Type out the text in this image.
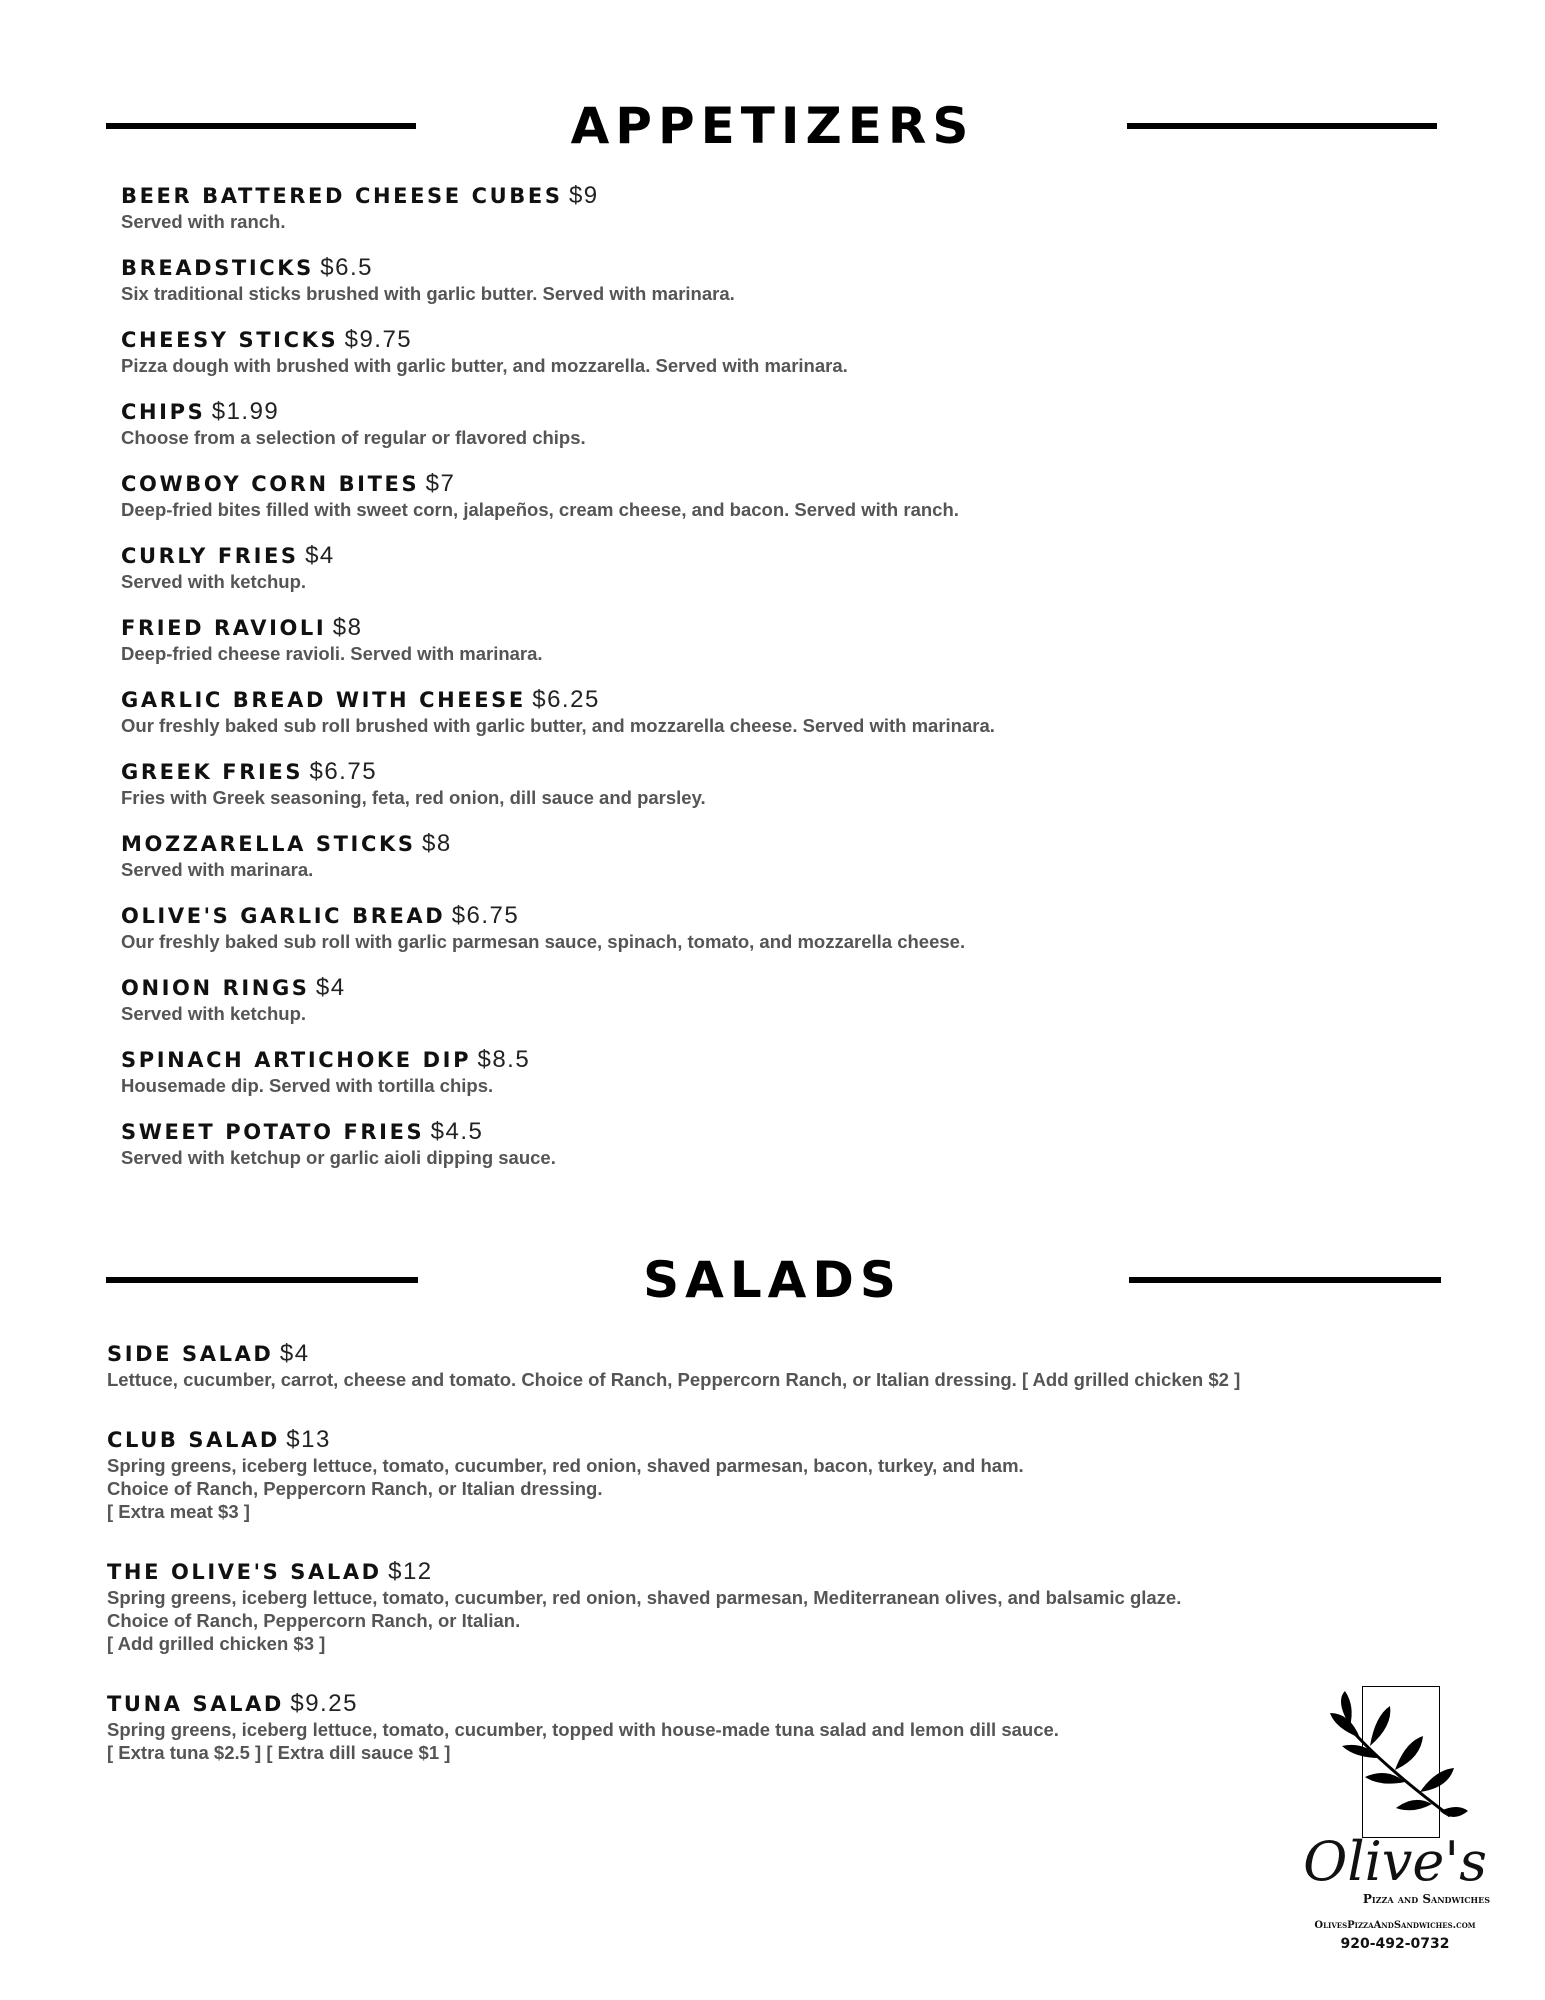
APPETIZERS
BEER BATTERED CHEESE CUBES $9
Served with ranch.
BREADSTICKS $6.5
Six traditional sticks brushed with garlic butter. Served with marinara.
CHEESY STICKS $9.75
Pizza dough with brushed with garlic butter, and mozzarella. Served with marinara.
CHIPS $1.99
Choose from a selection of regular or flavored chips.
COWBOY CORN BITES $7
Deep-fried bites filled with sweet corn, jalapeños, cream cheese, and bacon. Served with ranch.
CURLY FRIES $4
Served with ketchup.
FRIED RAVIOLI $8
Deep-fried cheese ravioli. Served with marinara.
GARLIC BREAD WITH CHEESE $6.25
Our freshly baked sub roll brushed with garlic butter, and mozzarella cheese. Served with marinara.
GREEK FRIES $6.75
Fries with Greek seasoning, feta, red onion, dill sauce and parsley.
MOZZARELLA STICKS $8
Served with marinara.
OLIVE'S GARLIC BREAD $6.75
Our freshly baked sub roll with garlic parmesan sauce, spinach, tomato, and mozzarella cheese.
ONION RINGS $4
Served with ketchup.
SPINACH ARTICHOKE DIP $8.5
Housemade dip. Served with tortilla chips.
SWEET POTATO FRIES $4.5
Served with ketchup or garlic aioli dipping sauce.
SALADS
SIDE SALAD $4
Lettuce, cucumber, carrot, cheese and tomato. Choice of Ranch, Peppercorn Ranch, or Italian dressing. [ Add grilled chicken $2 ]
CLUB SALAD $13
Spring greens, iceberg lettuce, tomato, cucumber, red onion, shaved parmesan, bacon, turkey, and ham.
Choice of Ranch, Peppercorn Ranch, or Italian dressing.
[ Extra meat $3 ]
THE OLIVE'S SALAD $12
Spring greens, iceberg lettuce, tomato, cucumber, red onion, shaved parmesan, Mediterranean olives, and balsamic glaze.
Choice of Ranch, Peppercorn Ranch, or Italian.
[ Add grilled chicken $3 ]
TUNA SALAD $9.25
Spring greens, iceberg lettuce, tomato, cucumber, topped with house-made tuna salad and lemon dill sauce.
[ Extra tuna $2.5 ] [ Extra dill sauce $1 ]
Olive's
Pizza and Sandwiches
OlivesPizzaAndSandwiches.com
920-492-0732
